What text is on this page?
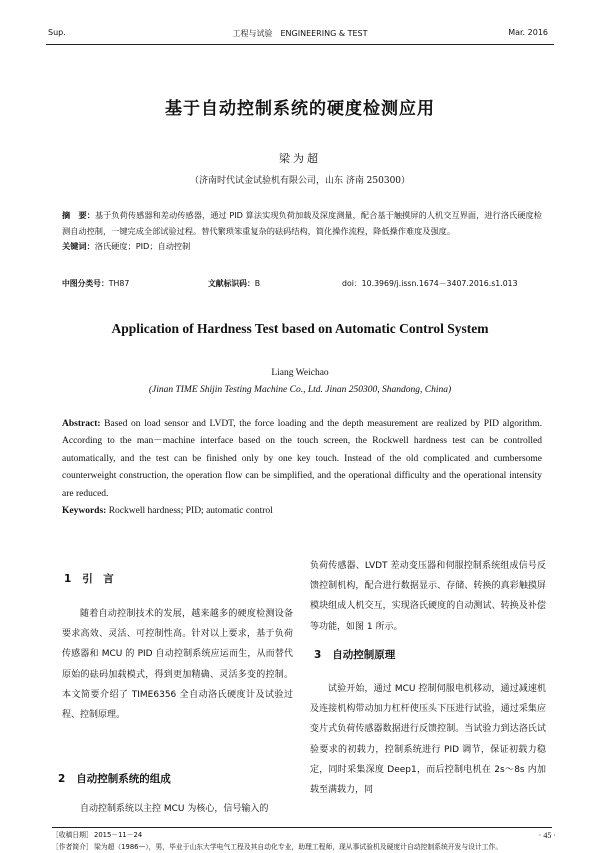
Sup.	工程与试验　ENGINEERING & TEST	Mar. 2016
基于自动控制系统的硬度检测应用
梁为超
（济南时代试金试验机有限公司，山东 济南 250300）
摘　要：基于负荷传感器和差动传感器，通过 PID 算法实现负荷加载及深度测量，配合基于触摸屏的人机交互界面，进行洛氏硬度检测自动控制，一键完成全部试验过程。替代繁琐笨重复杂的砝码结构，简化操作流程，降低操作难度及强度。
关键词：洛氏硬度；PID；自动控制
中图分类号：TH87	文献标识码：B	doi：10.3969/j.issn.1674－3407.2016.s1.013
Application of Hardness Test based on Automatic Control System
Liang Weichao
(Jinan TIME Shijin Testing Machine Co., Ltd. Jinan 250300, Shandong, China)
Abstract: Based on load sensor and LVDT, the force loading and the depth measurement are realized by PID algorithm. According to the man－machine interface based on the touch screen, the Rockwell hardness test can be controlled automatically, and the test can be finished only by one key touch. Instead of the old complicated and cumbersome counterweight construction, the operation flow can be simplified, and the operational difficulty and the operational intensity are reduced.
Keywords: Rockwell hardness; PID; automatic control
1 引　言

随着自动控制技术的发展，越来越多的硬度检测设备要求高效、灵活、可控制性高。针对以上要求，基于负荷传感器和 MCU 的 PID 自动控制系统应运而生，从而替代原始的砝码加载模式，得到更加精确、灵活多变的控制。本文简要介绍了 TIME6356 全自动洛氏硬度计及试验过程、控制原理。

2 自动控制系统的组成

自动控制系统以主控 MCU 为核心，信号输入的

负荷传感器、LVDT 差动变压器和伺服控制系统组成信号反馈控制机构，配合进行数据显示、存储、转换的真彩触摸屏模块组成人机交互，实现洛氏硬度的自动测试、转换及补偿等功能，如图 1 所示。

3 自动控制原理

试验开始，通过 MCU 控制伺服电机移动，通过减速机及连接机构带动加力杠杆使压头下压进行试验，通过采集应变片式负荷传感器数据进行反馈控制。当试验力到达洛氏试验要求的初载力，控制系统进行 PID 调节，保证初载力稳定，同时采集深度 Deep1，而后控制电机在 2s～8s 内加载至满载力，同

［收稿日期］ 2015－11－24
［作者简介］ 梁为超（1986—），男，毕业于山东大学电气工程及其自动化专业，助理工程师，现从事试验机及硬度计自动控制系统开发与设计工作。
· 45 ·
